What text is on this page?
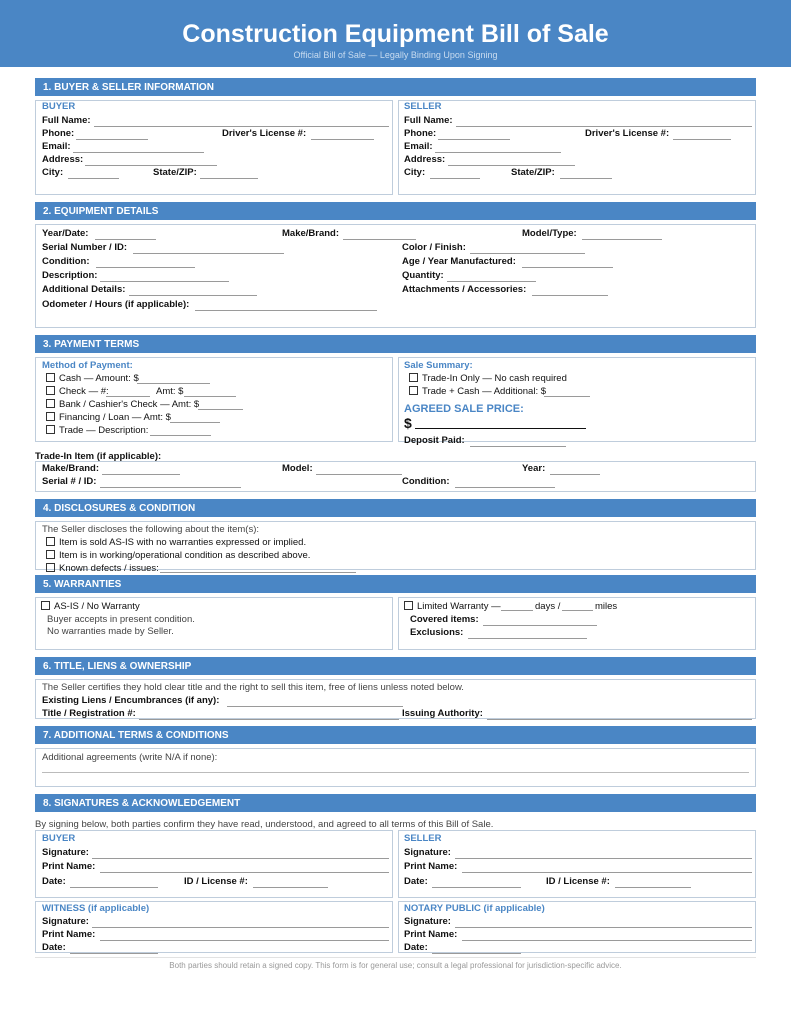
Construction Equipment Bill of Sale
Official Bill of Sale — Legally Binding Upon Signing
1. BUYER & SELLER INFORMATION
BUYER
Full Name:
Phone:	Driver's License #:
Email:
Address:
City:	State/ZIP:
SELLER
Full Name:
Phone:	Driver's License #:
Email:
Address:
City:	State/ZIP:
2. EQUIPMENT DETAILS
Year/Date:	Make/Brand:	Model/Type:
Serial Number / ID:	Color / Finish:
Condition:	Age / Year Manufactured:
Description:	Quantity:
Additional Details:	Attachments / Accessories:
Odometer / Hours (if applicable):
3. PAYMENT TERMS
Method of Payment:
Cash — Amount: $
Check — #:	Amt: $
Bank / Cashier's Check — Amt: $
Financing / Loan — Amt: $
Trade — Description:
Sale Summary:
Trade-In Only — No cash required
Trade + Cash — Additional: $
AGREED SALE PRICE:
$
Deposit Paid:
Trade-In Item (if applicable):
Make/Brand:	Model:	Year:
Serial # / ID:	Condition:
4. DISCLOSURES & CONDITION
The Seller discloses the following about the item(s):
Item is sold AS-IS with no warranties expressed or implied.
Item is in working/operational condition as described above.
Known defects / issues:
5. WARRANTIES
AS-IS / No Warranty
Buyer accepts in present condition.
No warranties made by Seller.
Limited Warranty —	days /	miles
Covered items:
Exclusions:
6. TITLE, LIENS & OWNERSHIP
The Seller certifies they hold clear title and the right to sell this item, free of liens unless noted below.
Existing Liens / Encumbrances (if any):
Title / Registration #:	Issuing Authority:
7. ADDITIONAL TERMS & CONDITIONS
Additional agreements (write N/A if none):
8. SIGNATURES & ACKNOWLEDGEMENT
By signing below, both parties confirm they have read, understood, and agreed to all terms of this Bill of Sale.
BUYER
Signature:
Print Name:
Date:	ID / License #:
SELLER
Signature:
Print Name:
Date:	ID / License #:
WITNESS (if applicable)
Signature:
Print Name:
Date:
NOTARY PUBLIC (if applicable)
Signature:
Print Name:
Date:
Both parties should retain a signed copy. This form is for general use; consult a legal professional for jurisdiction-specific advice.
